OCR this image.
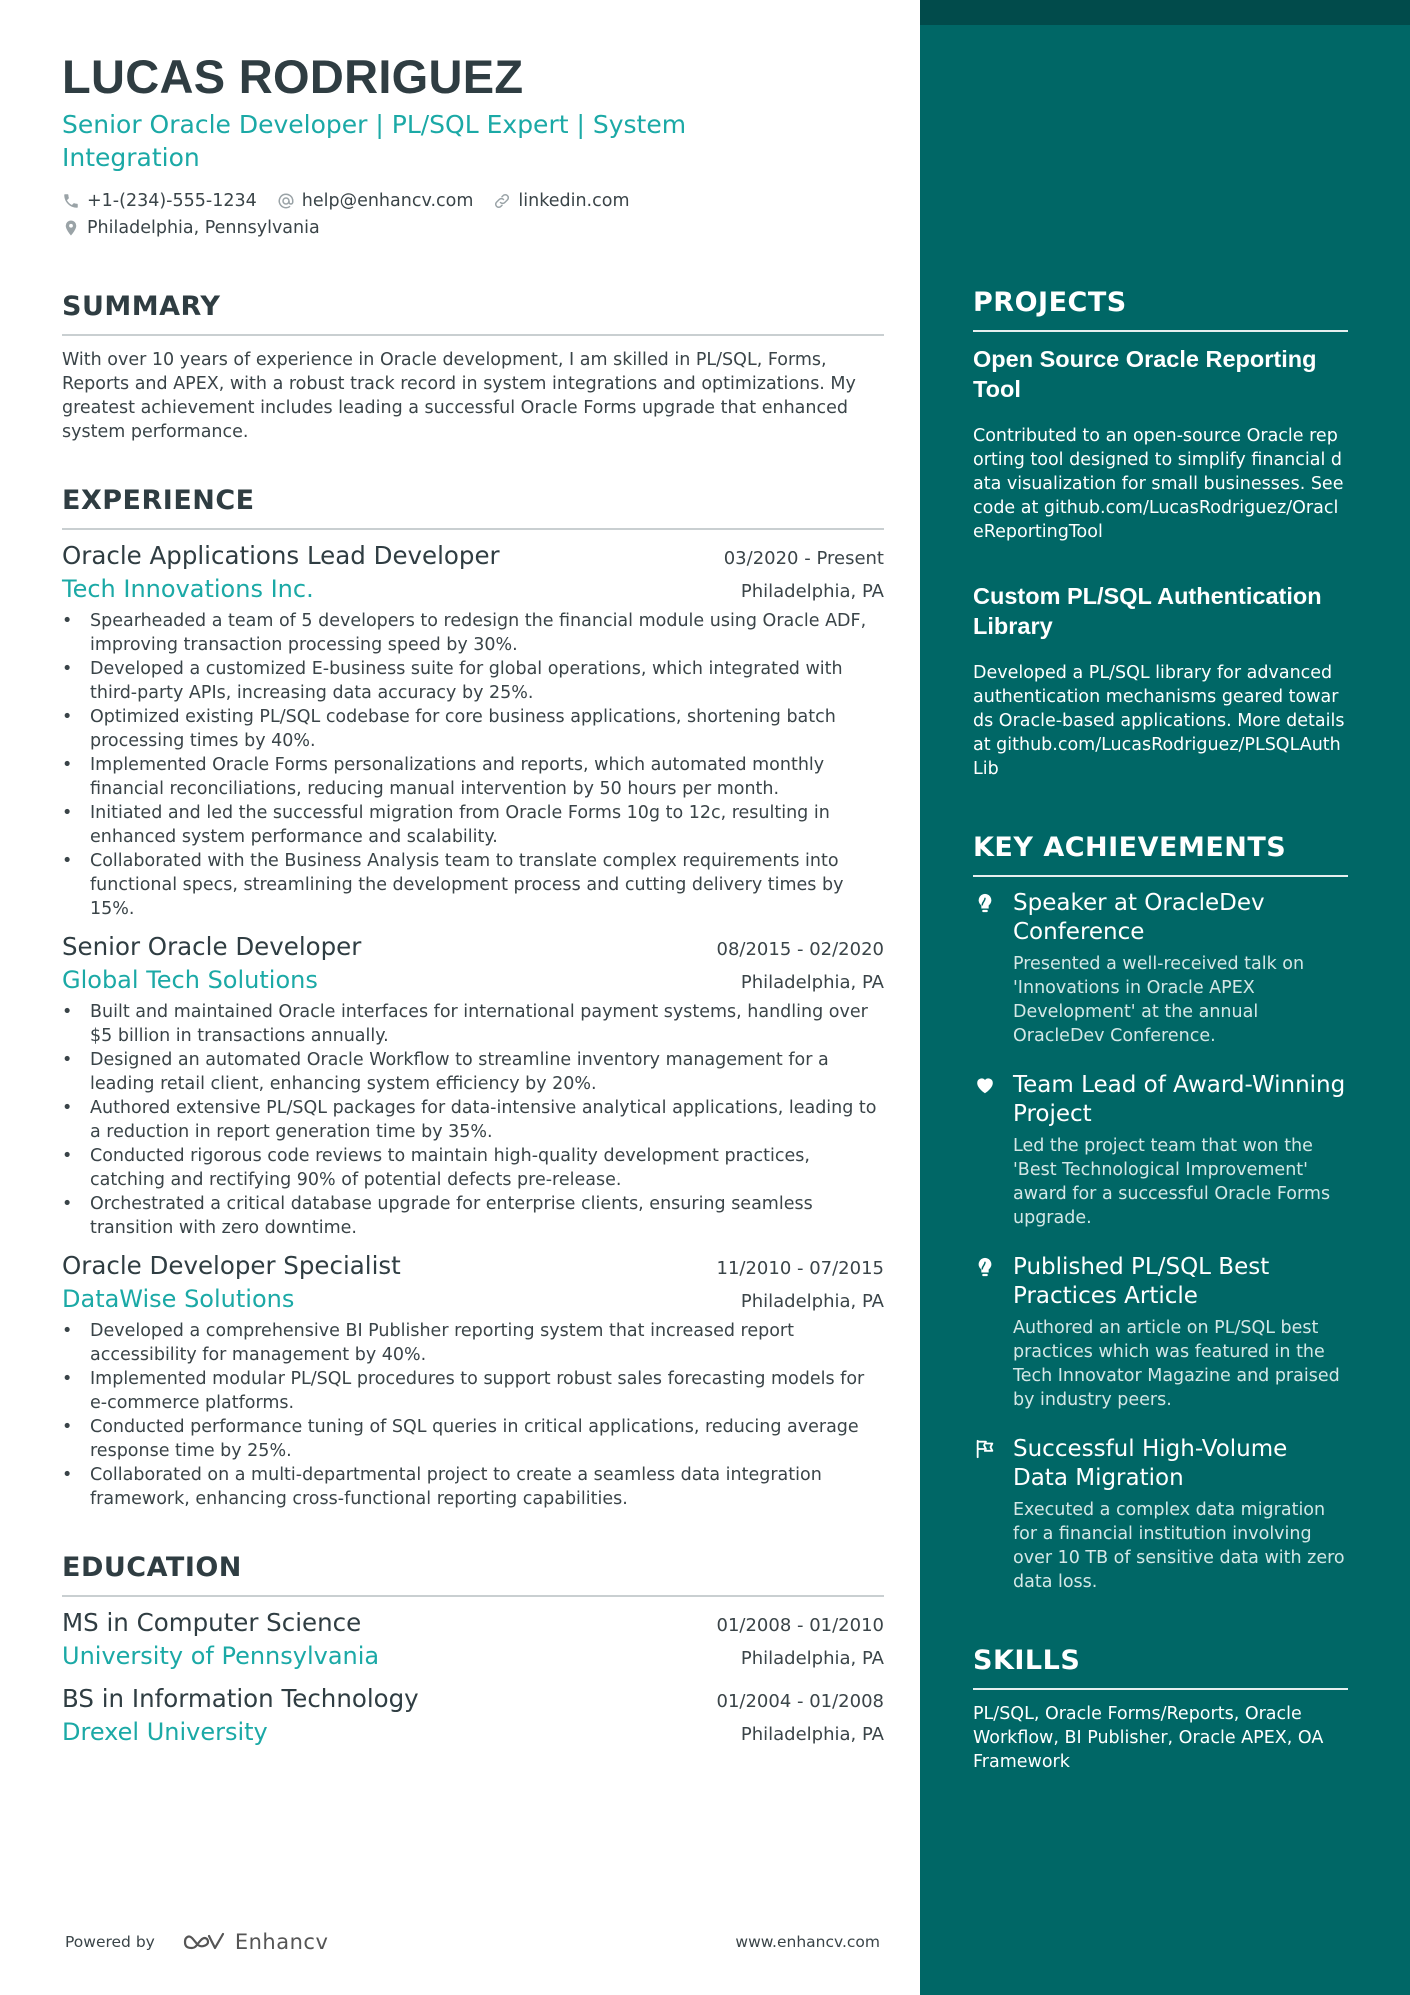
LUCAS RODRIGUEZ
Senior Oracle Developer | PL/SQL Expert | System Integration
+1-(234)-555-1234	help@enhancv.com	linkedin.com
Philadelphia, Pennsylvania
SUMMARY
With over 10 years of experience in Oracle development, I am skilled in PL/SQL, Forms, Reports and APEX, with a robust track record in system integrations and optimizations. My greatest achievement includes leading a successful Oracle Forms upgrade that enhanced system performance.
EXPERIENCE
Oracle Applications Lead Developer	03/2020 - Present
Tech Innovations Inc.	Philadelphia, PA
• Spearheaded a team of 5 developers to redesign the financial module using Oracle ADF, improving transaction processing speed by 30%.
• Developed a customized E-business suite for global operations, which integrated with third-party APIs, increasing data accuracy by 25%.
• Optimized existing PL/SQL codebase for core business applications, shortening batch processing times by 40%.
• Implemented Oracle Forms personalizations and reports, which automated monthly financial reconciliations, reducing manual intervention by 50 hours per month.
• Initiated and led the successful migration from Oracle Forms 10g to 12c, resulting in enhanced system performance and scalability.
• Collaborated with the Business Analysis team to translate complex requirements into functional specs, streamlining the development process and cutting delivery times by 15%.
Senior Oracle Developer	08/2015 - 02/2020
Global Tech Solutions	Philadelphia, PA
• Built and maintained Oracle interfaces for international payment systems, handling over $5 billion in transactions annually.
• Designed an automated Oracle Workflow to streamline inventory management for a leading retail client, enhancing system efficiency by 20%.
• Authored extensive PL/SQL packages for data-intensive analytical applications, leading to a reduction in report generation time by 35%.
• Conducted rigorous code reviews to maintain high-quality development practices, catching and rectifying 90% of potential defects pre-release.
• Orchestrated a critical database upgrade for enterprise clients, ensuring seamless transition with zero downtime.
Oracle Developer Specialist	11/2010 - 07/2015
DataWise Solutions	Philadelphia, PA
• Developed a comprehensive BI Publisher reporting system that increased report accessibility for management by 40%.
• Implemented modular PL/SQL procedures to support robust sales forecasting models for e-commerce platforms.
• Conducted performance tuning of SQL queries in critical applications, reducing average response time by 25%.
• Collaborated on a multi-departmental project to create a seamless data integration framework, enhancing cross-functional reporting capabilities.
EDUCATION
MS in Computer Science	01/2008 - 01/2010
University of Pennsylvania	Philadelphia, PA
BS in Information Technology	01/2004 - 01/2008
Drexel University	Philadelphia, PA
Powered by	Enhancv	www.enhancv.com
PROJECTS
Open Source Oracle Reporting Tool
Contributed to an open-source Oracle reporting tool designed to simplify financial data visualization for small businesses. See code at github.com/LucasRodriguez/OracleReportingTool
Custom PL/SQL Authentication Library
Developed a PL/SQL library for advanced authentication mechanisms geared towards Oracle-based applications. More details at github.com/LucasRodriguez/PLSQLAuthLib
KEY ACHIEVEMENTS
Speaker at OracleDev Conference
Presented a well-received talk on 'Innovations in Oracle APEX Development' at the annual OracleDev Conference.
Team Lead of Award-Winning Project
Led the project team that won the 'Best Technological Improvement' award for a successful Oracle Forms upgrade.
Published PL/SQL Best Practices Article
Authored an article on PL/SQL best practices which was featured in the Tech Innovator Magazine and praised by industry peers.
Successful High-Volume Data Migration
Executed a complex data migration for a financial institution involving over 10 TB of sensitive data with zero data loss.
SKILLS
PL/SQL, Oracle Forms/Reports, Oracle Workflow, BI Publisher, Oracle APEX, OA Framework
